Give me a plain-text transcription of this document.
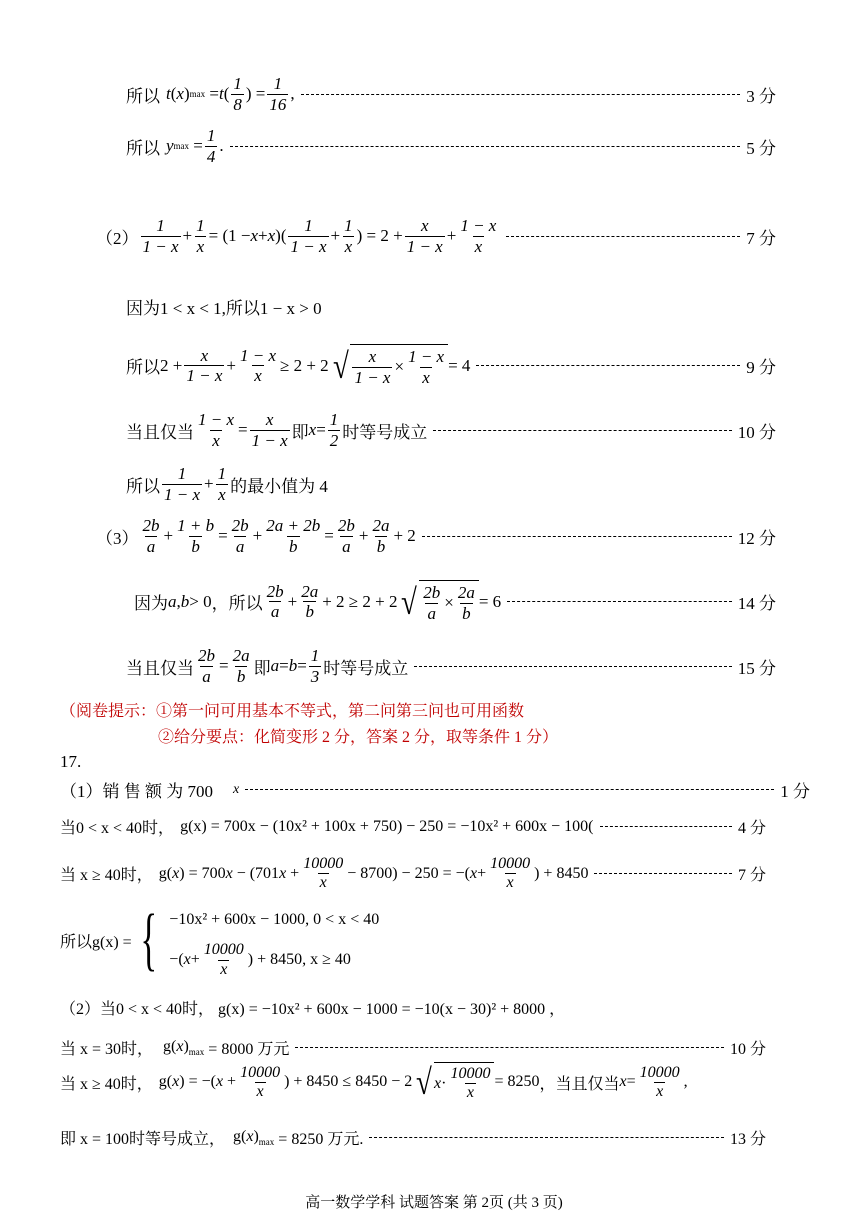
所以 t ( x ) max = t (
1
8
) =
1
16
,	3 分
所以 y max =
1
4
.	5 分
（2）
1
1 − x
+
1
x
= (1 − x + x )(
1
1 − x
+
1
x
) = 2 +
x
1 − x
+
1 − x
x	7 分
因为1 < x < 1,所以1 − x > 0
所以 2 +
x
1 − x
+
1 − x
x
≥ 2 + 2 √ x
1 − x
×
1 − x
x
= 4	9 分
当且仅当
1 − x
x
=
x
1 − x 即 x =
1
2 时等号成立	10 分
所以
1
1 − x
+
1
x 的最小值为 4
（3）
2b
a
+
1 + b
b
=
2b
a
+
2a + 2b
b
=
2b
a
+
2a
b
+ 2	12 分
因为 a , b > 0 ，所以
2b
a
+
2a
b
+ 2 ≥ 2 + 2 √ 2b
a
×
2a
b
= 6	14 分
当且仅当
2b
a
=
2a
b 即 a = b =
1
3 时等号成立	15 分
（阅卷提示：①第一问可用基本不等式，第二问第三问也可用函数
②给分要点：化简变形 2 分，答案 2 分，取等条件 1 分）
17.
（1）销 售 额 为 700 x	1 分
当0 < x < 40时， g(x) = 700x − (10x² + 100x + 750) − 250 = −10x² + 600x − 100(	4 分
当 x ≥ 40时， $g(x) = 700x - (701x + \frac{10000}{x} - 8700) - 250$ = −( x +
10000
x
) + 8450	7 分
所以g(x) = { −10x² + 600x − 1000, 0 < x < 40
−( x +
10000
x
) + 8450, x ≥ 40
（2）当0 < x < 40时， g(x) = −10x² + 600x − 1000 = −10(x − 30)² + 8000 ，
当 x = 30时， $g(x)_{max} = 8000$ 万元	10 分
当 x ≥ 40时， $g(x) = -(x + \frac{10000}{x}$ ) + 8450 ≤ 8450 − 2 √ x ·
10000
x
= 8250 ，当且仅当 x =
10000
x
,
即 x = 100时等号成立， $g(x)_{max} = 8250$ 万元.	13 分
高一数学学科 试题答案 第 2页 (共 3 页)
